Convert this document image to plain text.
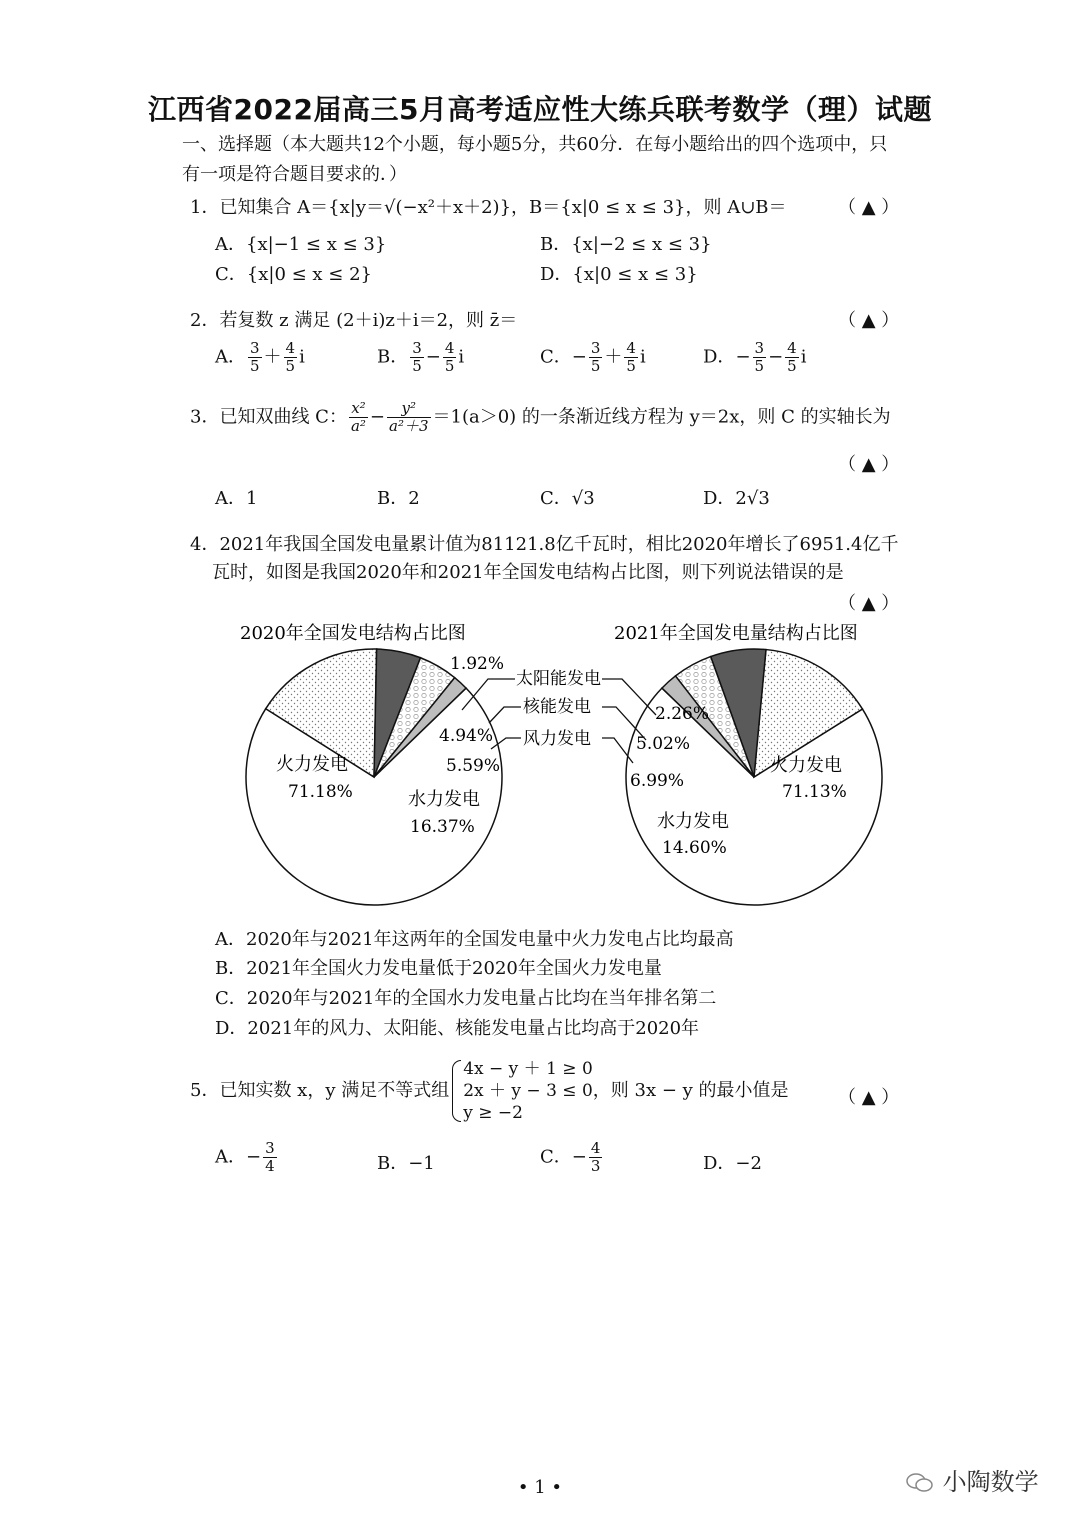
江西省2022届高三5月高考适应性大练兵联考数学（理）试题
一、选择题（本大题共12个小题，每小题5分，共60分．在每小题给出的四个选项中，只有一项是符合题目要求的．）
1．已知集合 A＝{x|y＝√(−x²＋x＋2)}，B＝{x|0 ≤ x ≤ 3}，则 A∪B＝	（ ▲ ）
A．{x|−1 ≤ x ≤ 3}	B．{x|−2 ≤ x ≤ 3}
C．{x|0 ≤ x ≤ 2}	D．{x|0 ≤ x ≤ 3}
2．若复数 z 满足 (2＋i)z＋i＝2，则 z̄＝	（ ▲ ）
A． $\frac{3}{5} + \frac{4}{5}$ i	B． $\frac{3}{5} - \frac{4}{5}$ i	C．− $\frac{3}{5} + \frac{4}{5}$ i	D．− $\frac{3}{5} - \frac{4}{5}$ i
3．已知双曲线 C： $\frac{\text{x²}}{\text{a²}} - \frac{\text{y²}}{\text{a²＋3}} =1(a>0)$ 的一条渐近线方程为 y＝2x，则 C 的实轴长为
（ ▲ ）
A．1	B．2	C．√3	D．2√3
4．2021年我国全国发电量累计值为81121.8亿千瓦时，相比2020年增长了6951.4亿千
瓦时，如图是我国2020年和2021年全国发电结构占比图，则下列说法错误的是
（ ▲ ）
2020年全国发电结构占比图	2021年全国发电量结构占比图
火力发电
71.18%	水力发电
16.37%
5.59%
4.94%
1.92%
火力发电
71.13%
水力发电
14.60%
6.99%
5.02%
2.26%
太阳能发电
核能发电
风力发电
A．2020年与2021年这两年的全国发电量中火力发电占比均最高
B．2021年全国火力发电量低于2020年全国火力发电量
C．2020年与2021年的全国水力发电量占比均在当年排名第二
D．2021年的风力、太阳能、核能发电量占比均高于2020年
5．已知实数 x，y 满足不等式组
4x − y ＋ 1 ≥ 0
2x ＋ y − 3 ≤ 0
y ≥ −2
，则 3x − y 的最小值是	（ ▲ ）
A．− $\frac{3}{4}$	B．−1	C．− $\frac{4}{3}$	D．−2
• 1 •	小陶数学
